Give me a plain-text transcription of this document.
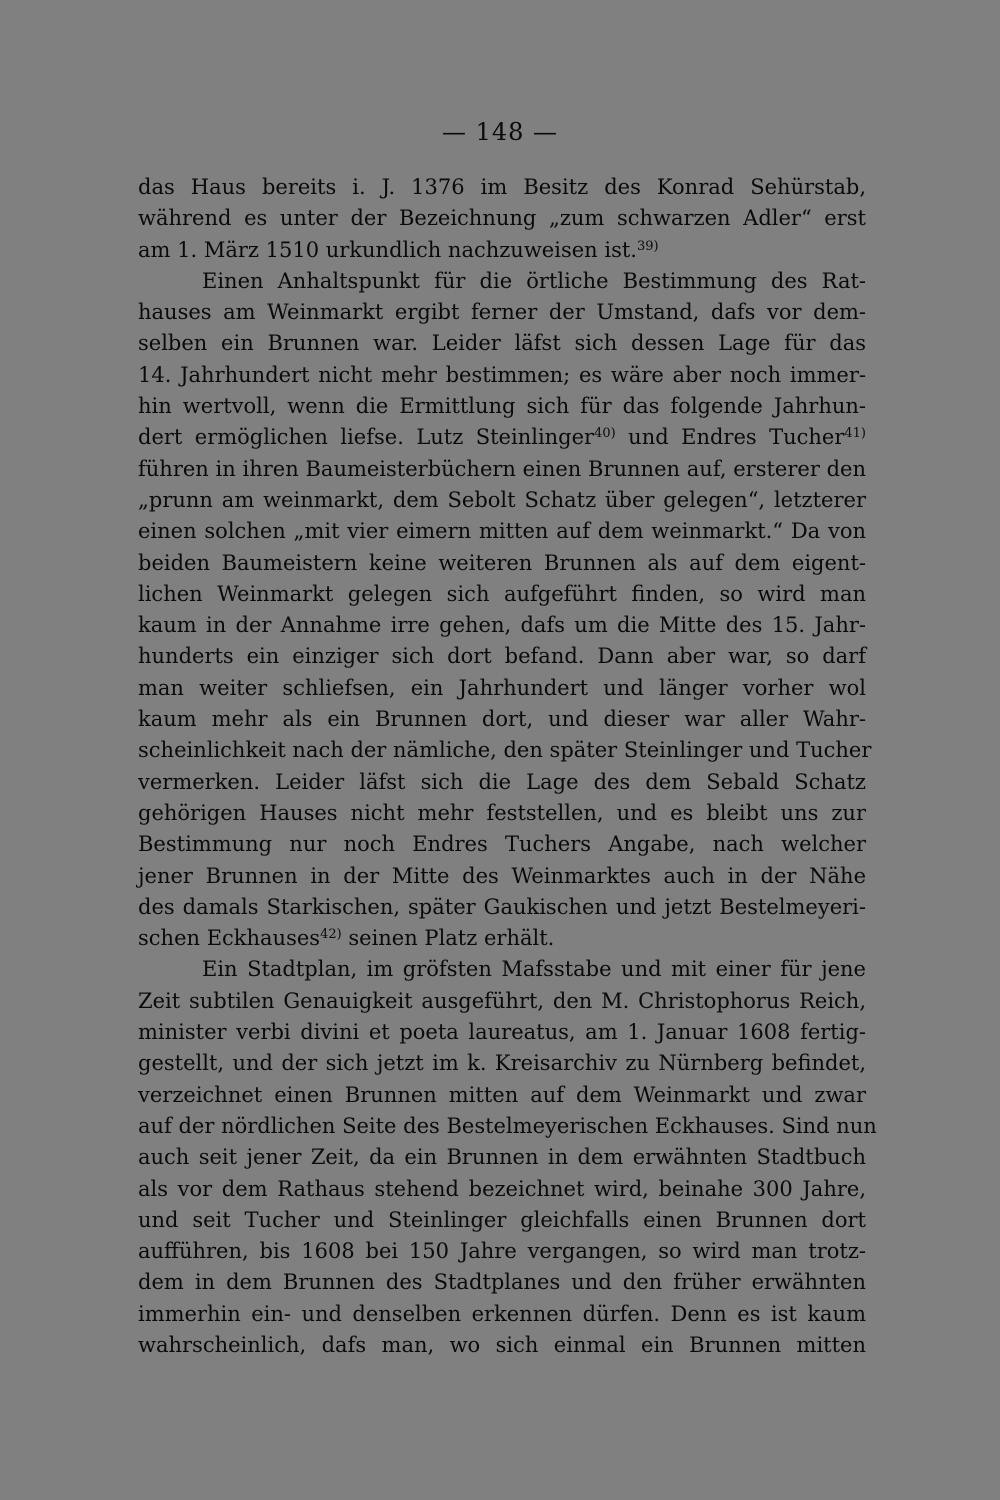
— 148 —
das Haus bereits i. J. 1376 im Besitz des Konrad Sehürstab,
während es unter der Bezeichnung „zum schwarzen Adler“ erst
am 1. März 1510 urkundlich nachzuweisen ist.$^{39)}$
Einen Anhaltspunkt für die örtliche Bestimmung des Rat-
hauses am Weinmarkt ergibt ferner der Umstand, dafs vor dem-
selben ein Brunnen war. Leider läfst sich dessen Lage für das
14. Jahrhundert nicht mehr bestimmen; es wäre aber noch immer-
hin wertvoll, wenn die Ermittlung sich für das folgende Jahrhun-
dert ermöglichen liefse. Lutz Steinlinger$^{40)}$ und Endres Tucher$^{41)}$
führen in ihren Baumeisterbüchern einen Brunnen auf, ersterer den
„prunn am weinmarkt, dem Sebolt Schatz über gelegen“, letzterer
einen solchen „mit vier eimern mitten auf dem weinmarkt.“ Da von
beiden Baumeistern keine weiteren Brunnen als auf dem eigent-
lichen Weinmarkt gelegen sich aufgeführt finden, so wird man
kaum in der Annahme irre gehen, dafs um die Mitte des 15. Jahr-
hunderts ein einziger sich dort befand. Dann aber war, so darf
man weiter schliefsen, ein Jahrhundert und länger vorher wol
kaum mehr als ein Brunnen dort, und dieser war aller Wahr-
scheinlichkeit nach der nämliche, den später Steinlinger und Tucher
vermerken. Leider läfst sich die Lage des dem Sebald Schatz
gehörigen Hauses nicht mehr feststellen, und es bleibt uns zur
Bestimmung nur noch Endres Tuchers Angabe, nach welcher
jener Brunnen in der Mitte des Weinmarktes auch in der Nähe
des damals Starkischen, später Gaukischen und jetzt Bestelmeyeri-
schen Eckhauses$^{42)}$ seinen Platz erhält.
Ein Stadtplan, im gröfsten Mafsstabe und mit einer für jene
Zeit subtilen Genauigkeit ausgeführt, den M. Christophorus Reich,
minister verbi divini et poeta laureatus, am 1. Januar 1608 fertig-
gestellt, und der sich jetzt im k. Kreisarchiv zu Nürnberg befindet,
verzeichnet einen Brunnen mitten auf dem Weinmarkt und zwar
auf der nördlichen Seite des Bestelmeyerischen Eckhauses. Sind nun
auch seit jener Zeit, da ein Brunnen in dem erwähnten Stadtbuch
als vor dem Rathaus stehend bezeichnet wird, beinahe 300 Jahre,
und seit Tucher und Steinlinger gleichfalls einen Brunnen dort
aufführen, bis 1608 bei 150 Jahre vergangen, so wird man trotz-
dem in dem Brunnen des Stadtplanes und den früher erwähnten
immerhin ein- und denselben erkennen dürfen. Denn es ist kaum
wahrscheinlich, dafs man, wo sich einmal ein Brunnen mitten
